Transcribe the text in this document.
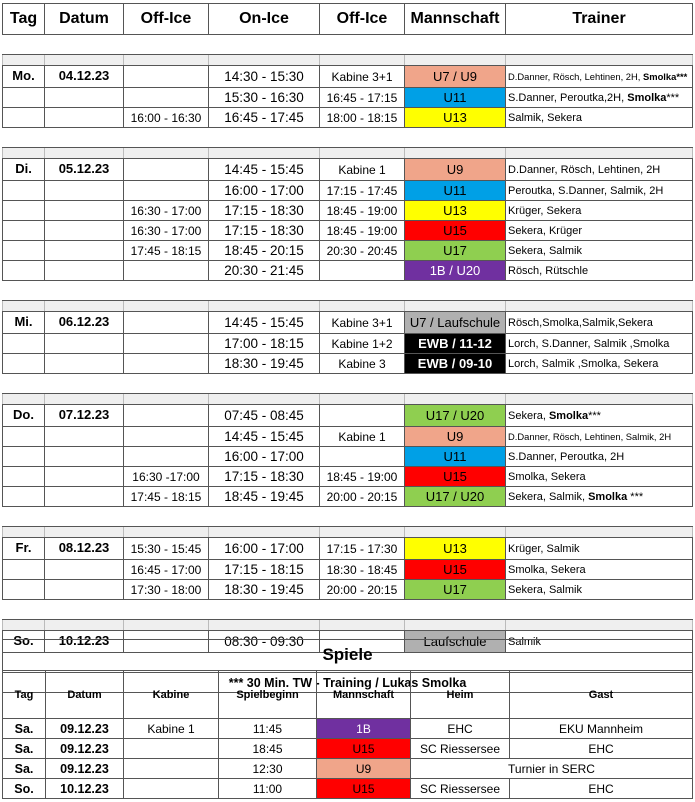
Tag	Datum	Off-Ice	On-Ice	Off-Ice	Mannschaft	Trainer

Mo.	04.12.23		14:30 - 15:30	Kabine 3+1	U7 / U9	D.Danner, Rösch, Lehtinen, 2H, Smolka***
			15:30 - 16:30	16:45 - 17:15	U11	S.Danner, Peroutka,2H, Smolka***
		16:00 - 16:30	16:45 - 17:45	18:00 - 18:15	U13	Salmik, Sekera

Di.	05.12.23		14:45 - 15:45	Kabine 1	U9	D.Danner, Rösch, Lehtinen, 2H
			16:00 - 17:00	17:15 - 17:45	U11	Peroutka, S.Danner, Salmik, 2H
		16:30 - 17:00	17:15 - 18:30	18:45 - 19:00	U13	Krüger, Sekera
		16:30 - 17:00	17:15 - 18:30	18:45 - 19:00	U15	Sekera, Krüger
		17:45 - 18:15	18:45 - 20:15	20:30 - 20:45	U17	Sekera, Salmik
			20:30 - 21:45		1B / U20	Rösch, Rütschle

Mi.	06.12.23		14:45 - 15:45	Kabine 3+1	U7 / Laufschule	Rösch,Smolka,Salmik,Sekera
			17:00 - 18:15	Kabine 1+2	EWB / 11-12	Lorch, S.Danner, Salmik ,Smolka
			18:30 - 19:45	Kabine 3	EWB / 09-10	Lorch, Salmik ,Smolka, Sekera

Do.	07.12.23		07:45 - 08:45		U17 / U20	Sekera, Smolka***
			14:45 - 15:45	Kabine 1	U9	D.Danner, Rösch, Lehtinen, Salmik, 2H
			16:00 - 17:00		U11	S.Danner, Peroutka, 2H
		16:30 -17:00	17:15 - 18:30	18:45 - 19:00	U15	Smolka, Sekera
		17:45 - 18:15	18:45 - 19:45	20:00 - 20:15	U17 / U20	Sekera, Salmik, Smolka ***

Fr.	08.12.23	15:30 - 15:45	16:00 - 17:00	17:15 - 17:30	U13	Krüger, Salmik
		16:45 - 17:00	17:15 - 18:15	18:30 - 18:45	U15	Smolka, Sekera
		17:30 - 18:00	18:30 - 19:45	20:00 - 20:15	U17	Sekera, Salmik

So.	10.12.23		08:30 - 09:30		Laufschule	Salmik

*** 30 Min. TW - Training / Lukas Smolka						
Spiele						
Tag	Datum	Kabine	Spielbeginn	Mannschaft	Heim	Gast
Sa.	09.12.23	Kabine 1	11:45	1B	EHC	EKU Mannheim
Sa.	09.12.23		18:45	U15	SC Riessersee	EHC
Sa.	09.12.23		12:30	U9	Turnier in SERC	
So.	10.12.23		11:00	U15	SC Riessersee	EHC
